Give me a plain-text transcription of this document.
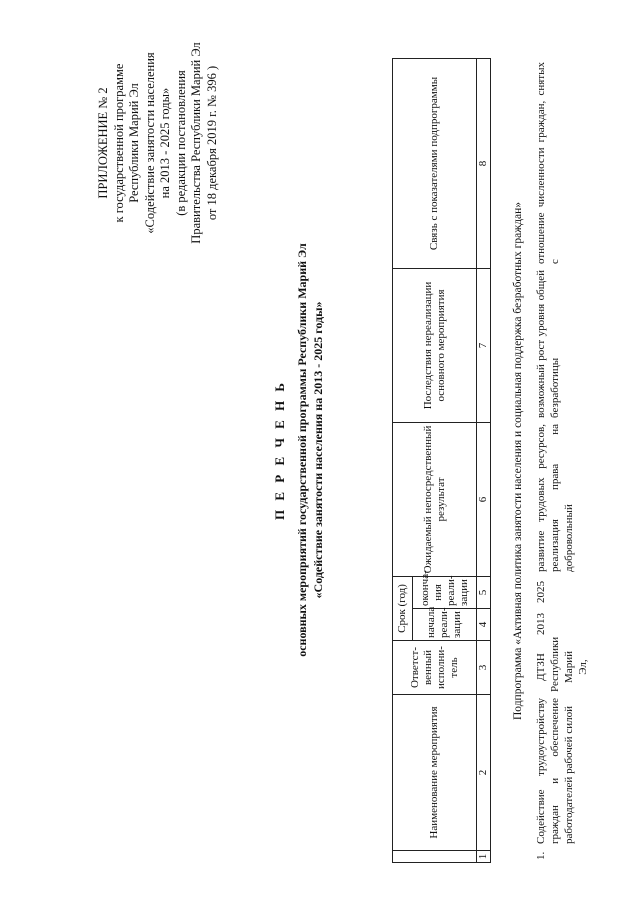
ПРИЛОЖЕНИЕ № 2 к государственной программе Республики Марий Эл «Содействие занятости населения на 2013 - 2025 годы» (в редакции постановления Правительства Республики Марий Эл от 18 декабря 2019 г. № 396 )
П Е Р Е Ч Е Н Ь основных мероприятий государственной программы Республики Марий Эл «Содействие занятости населения на 2013 - 2025 годы»
	Наименование мероприятия	Ответст-венный исполни-тель	Срок (год)		Ожидаемый непосредственный результат	Последствия нереализации основного мероприятия	Связь с показателями подпрограммы
			начала реали-зации	оконча-ния реали-зации			
1	2	3	4	5	6	7	8
Подпрограмма «Активная политика занятости населения и социальная поддержка безработных граждан»
1.	Содействие трудоустройству граждан и обеспечение работодателей рабочей силой	ДТЗН Республики Марий Эл,	2013	2025	развитие трудовых ресурсов, реализация права на добровольный	возможный рост уровня общей безработицы	отношение численности граждан, снятых с
